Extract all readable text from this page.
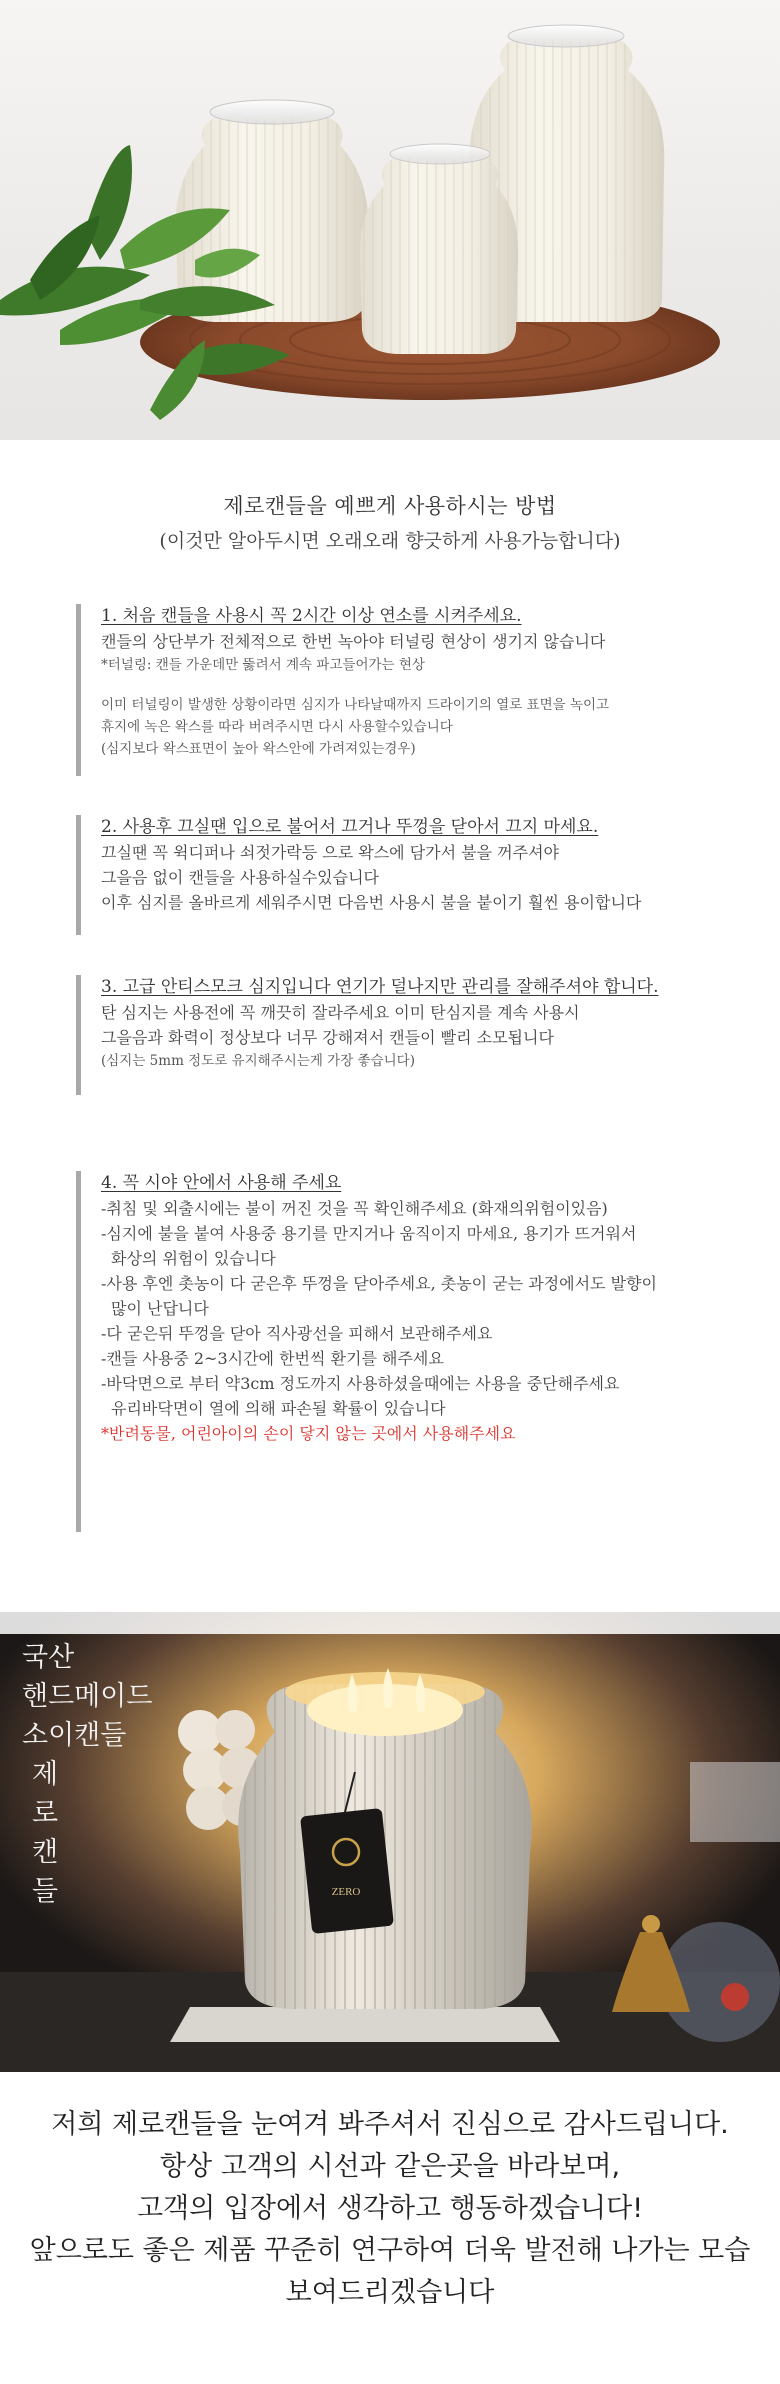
제로캔들을 예쁘게 사용하시는 방법
(이것만 알아두시면 오래오래 향긋하게 사용가능합니다)
1. 처음 캔들을 사용시 꼭 2시간 이상 연소를 시켜주세요.
캔들의 상단부가 전체적으로 한번 녹아야 터널링 현상이 생기지 않습니다
*터널링: 캔들 가운데만 뚫려서 계속 파고들어가는 현상
이미 터널링이 발생한 상황이라면 심지가 나타날때까지 드라이기의 열로 표면을 녹이고
휴지에 녹은 왁스를 따라 버려주시면 다시 사용할수있습니다
(심지보다 왁스표면이 높아 왁스안에 가려져있는경우)
2. 사용후 끄실땐 입으로 불어서 끄거나 뚜껑을 닫아서 끄지 마세요.
끄실땐 꼭 윅디퍼나 쇠젓가락등 으로 왁스에 담가서 불을 꺼주셔야
그을음 없이 캔들을 사용하실수있습니다
이후 심지를 올바르게 세워주시면 다음번 사용시 불을 붙이기 훨씬 용이합니다
3. 고급 안티스모크 심지입니다 연기가 덜나지만 관리를 잘해주셔야 합니다.
탄 심지는 사용전에 꼭 깨끗히 잘라주세요 이미 탄심지를 계속 사용시
그을음과 화력이 정상보다 너무 강해져서 캔들이 빨리 소모됩니다
(심지는 5mm 정도로 유지해주시는게 가장 좋습니다)
4. 꼭 시야 안에서 사용해 주세요
-취침 및 외출시에는 불이 꺼진 것을 꼭 확인해주세요 (화재의위험이있음)
-심지에 불을 붙여 사용중 용기를 만지거나 움직이지 마세요, 용기가 뜨거워서
화상의 위험이 있습니다
-사용 후엔 촛농이 다 굳은후 뚜껑을 닫아주세요, 촛농이 굳는 과정에서도 발향이
많이 난답니다
-다 굳은뒤 뚜껑을 닫아 직사광선을 피해서 보관해주세요
-캔들 사용중 2~3시간에 한번씩 환기를 해주세요
-바닥면으로 부터 약3cm 정도까지 사용하셨을때에는 사용을 중단해주세요
유리바닥면이 열에 의해 파손될 확률이 있습니다
*반려동물, 어린아이의 손이 닿지 않는 곳에서 사용해주세요
ZERO
국산
핸드메이드
소이캔들
제
로
캔
들
저희 제로캔들을 눈여겨 봐주셔서 진심으로 감사드립니다.
항상 고객의 시선과 같은곳을 바라보며,
고객의 입장에서 생각하고 행동하겠습니다!
앞으로도 좋은 제품 꾸준히 연구하여 더욱 발전해 나가는 모습
보여드리겠습니다
